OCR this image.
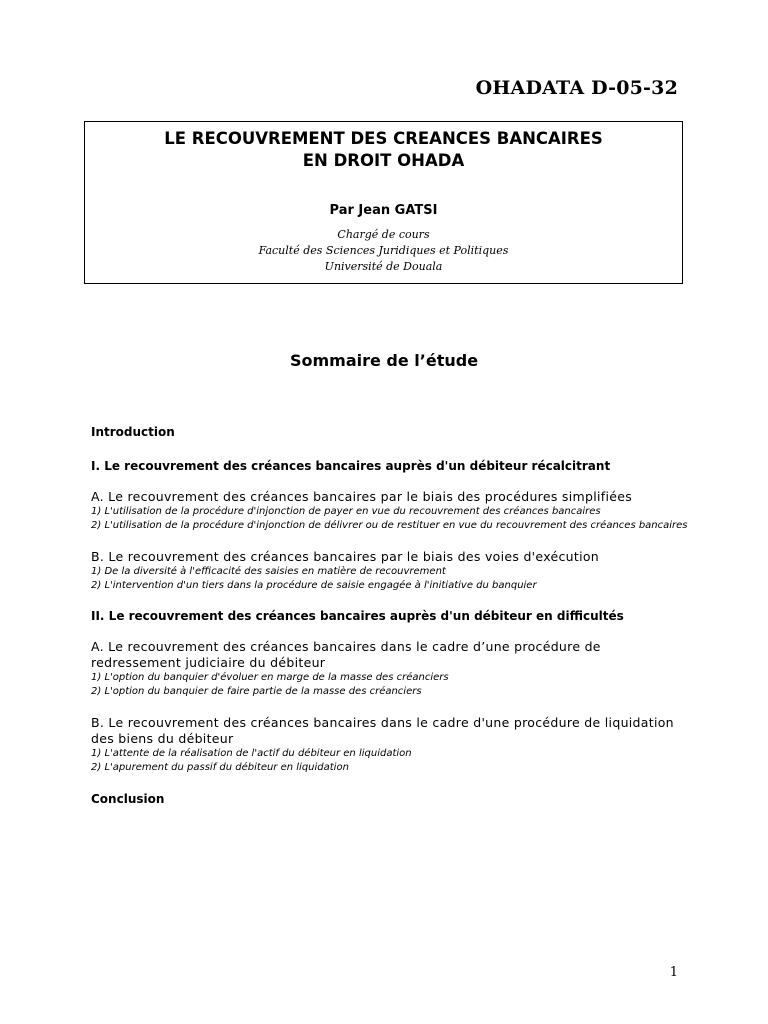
OHADATA D-05-32
LE RECOUVREMENT DES CREANCES BANCAIRES
EN DROIT OHADA
Par Jean GATSI
Chargé de cours
Faculté des Sciences Juridiques et Politiques
Université de Douala
Sommaire de l’étude
Introduction
I. Le recouvrement des créances bancaires auprès d'un débiteur récalcitrant
A. Le recouvrement des créances bancaires par le biais des procédures simplifiées
1) L'utilisation de la procédure d'injonction de payer en vue du recouvrement des créances bancaires
2) L'utilisation de la procédure d'injonction de délivrer ou de restituer en vue du recouvrement des créances bancaires
B. Le recouvrement des créances bancaires par le biais des voies d'exécution
1) De la diversité à l'efficacité des saisies en matière de recouvrement
2) L'intervention d'un tiers dans la procédure de saisie engagée à l'initiative du banquier
II. Le recouvrement des créances bancaires auprès d'un débiteur en difficultés
A. Le recouvrement des créances bancaires dans le cadre d’une procédure de redressement judiciaire du débiteur
1) L'option du banquier d'évoluer en marge de la masse des créanciers
2) L'option du banquier de faire partie de la masse des créanciers
B. Le recouvrement des créances bancaires dans le cadre d'une procédure de liquidation des biens du débiteur
1) L'attente de la réalisation de l'actif du débiteur en liquidation
2) L'apurement du passif du débiteur en liquidation
Conclusion
1
